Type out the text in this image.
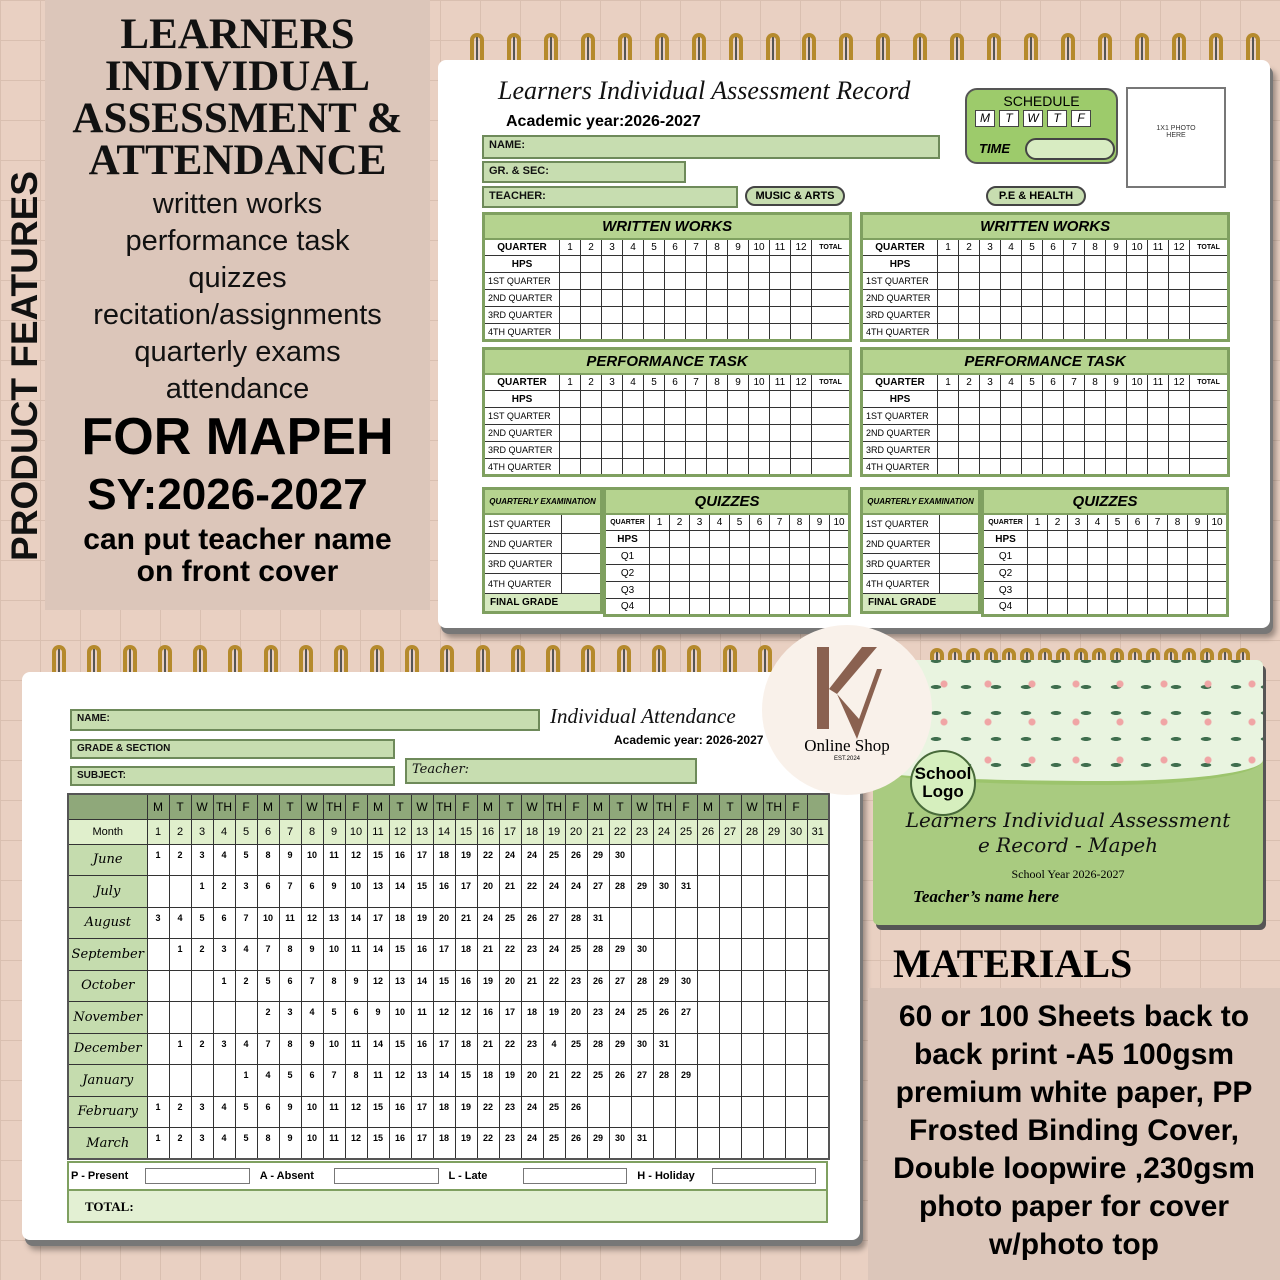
LEARNERS
INDIVIDUAL
ASSESSMENT &
ATTENDANCE
written works
performance task
quizzes
recitation/assignments
quarterly exams
attendance
FOR MAPEH
SY:2026-2027
can put teacher name on front cover
PRODUCT FEATURES
Learners Individual Assessment Record
Academic year:2026-2027
NAME:
GR. & SEC:
TEACHER:	MUSIC & ARTS	P.E & HEALTH
SCHEDULE
M	T	W	T	F
TIME
1X1 PHOTO HERE
WRITTEN WORKS													
QUARTER	1	2	3	4	5	6	7	8	9	10	11	12	TOTAL
HPS													
1ST QUARTER													
2ND QUARTER													
3RD QUARTER													
4TH QUARTER													
WRITTEN WORKS													
QUARTER	1	2	3	4	5	6	7	8	9	10	11	12	TOTAL
HPS													
1ST QUARTER													
2ND QUARTER													
3RD QUARTER													
4TH QUARTER													
PERFORMANCE TASK													
QUARTER	1	2	3	4	5	6	7	8	9	10	11	12	TOTAL
HPS													
1ST QUARTER													
2ND QUARTER													
3RD QUARTER													
4TH QUARTER													
PERFORMANCE TASK													
QUARTER	1	2	3	4	5	6	7	8	9	10	11	12	TOTAL
HPS													
1ST QUARTER													
2ND QUARTER													
3RD QUARTER													
4TH QUARTER													
QUARTERLY EXAMINATION	
1ST QUARTER	
2ND QUARTER	
3RD QUARTER	
4TH QUARTER	
FINAL GRADE	
QUIZZES										
QUARTER	1	2	3	4	5	6	7	8	9	10
HPS										
Q1										
Q2										
Q3										
Q4										
QUARTERLY EXAMINATION	
1ST QUARTER	
2ND QUARTER	
3RD QUARTER	
4TH QUARTER	
FINAL GRADE	
QUIZZES										
QUARTER	1	2	3	4	5	6	7	8	9	10
HPS										
Q1										
Q2										
Q3										
Q4										
NAME:
GRADE & SECTION
SUBJECT:	Teacher:
Individual Attendance
Academic year: 2026-2027
	M	T	W	TH	F	M	T	W	TH	F	M	T	W	TH	F	M	T	W	TH	F	M	T	W	TH	F	M	T	W	TH	F	
Month	1	2	3	4	5	6	7	8	9	10	11	12	13	14	15	16	17	18	19	20	21	22	23	24	25	26	27	28	29	30	31
June	1	2	3	4	5	8	9	10	11	12	15	16	17	18	19	22	24	24	25	26	29	30									
July			1	2	3	6	7	6	9	10	13	14	15	16	17	20	21	22	24	24	27	28	29	30	31						
August	3	4	5	6	7	10	11	12	13	14	17	18	19	20	21	24	25	26	27	28	31										
September		1	2	3	4	7	8	9	10	11	14	15	16	17	18	21	22	23	24	25	28	29	30								
October				1	2	5	6	7	8	9	12	13	14	15	16	19	20	21	22	23	26	27	28	29	30						
November						2	3	4	5	6	9	10	11	12	12	16	17	18	19	20	23	24	25	26	27						
December		1	2	3	4	7	8	9	10	11	14	15	16	17	18	21	22	23	4	25	28	29	30	31							
January					1	4	5	6	7	8	11	12	13	14	15	18	19	20	21	22	25	26	27	28	29						
February	1	2	3	4	5	6	9	10	11	12	15	16	17	18	19	22	23	24	25	26											
March	1	2	3	4	5	8	9	10	11	12	15	16	17	18	19	22	23	24	25	26	29	30	31								
P - Present	A - Absent	L - Late	H - Holiday
TOTAL:
School Logo
Learners Individual Assessment e Record - Mapeh
School Year 2026-2027
Teacher’s name here
Online Shop
EST.2024
MATERIALS
60 or 100 Sheets back to back print -A5 100gsm premium white paper, PP Frosted Binding Cover, Double loopwire ,230gsm photo paper for cover w/photo top
